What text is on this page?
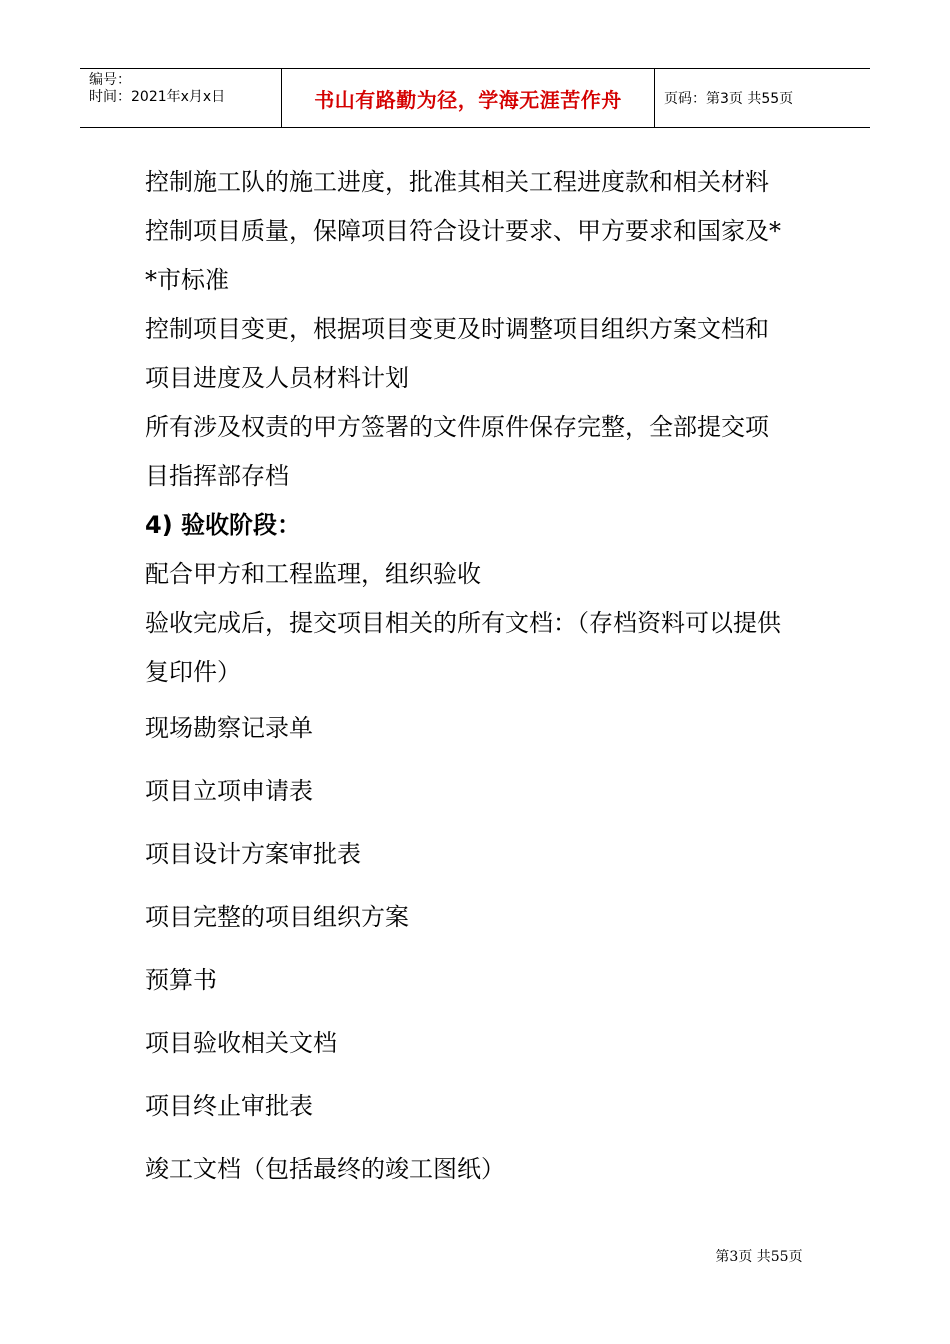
编号：
时间：2021年x月x日	书山有路勤为径，学海无涯苦作舟	页码：第3页 共55页
控制施工队的施工进度，批准其相关工程进度款和相关材料
控制项目质量，保障项目符合设计要求、甲方要求和国家及*
*市标准
控制项目变更，根据项目变更及时调整项目组织方案文档和
项目进度及人员材料计划
所有涉及权责的甲方签署的文件原件保存完整，全部提交项
目指挥部存档
4) 验收阶段：
配合甲方和工程监理，组织验收
验收完成后，提交项目相关的所有文档：（存档资料可以提供
复印件）
现场勘察记录单
项目立项申请表
项目设计方案审批表
项目完整的项目组织方案
预算书
项目验收相关文档
项目终止审批表
竣工文档（包括最终的竣工图纸）
第3页 共55页
